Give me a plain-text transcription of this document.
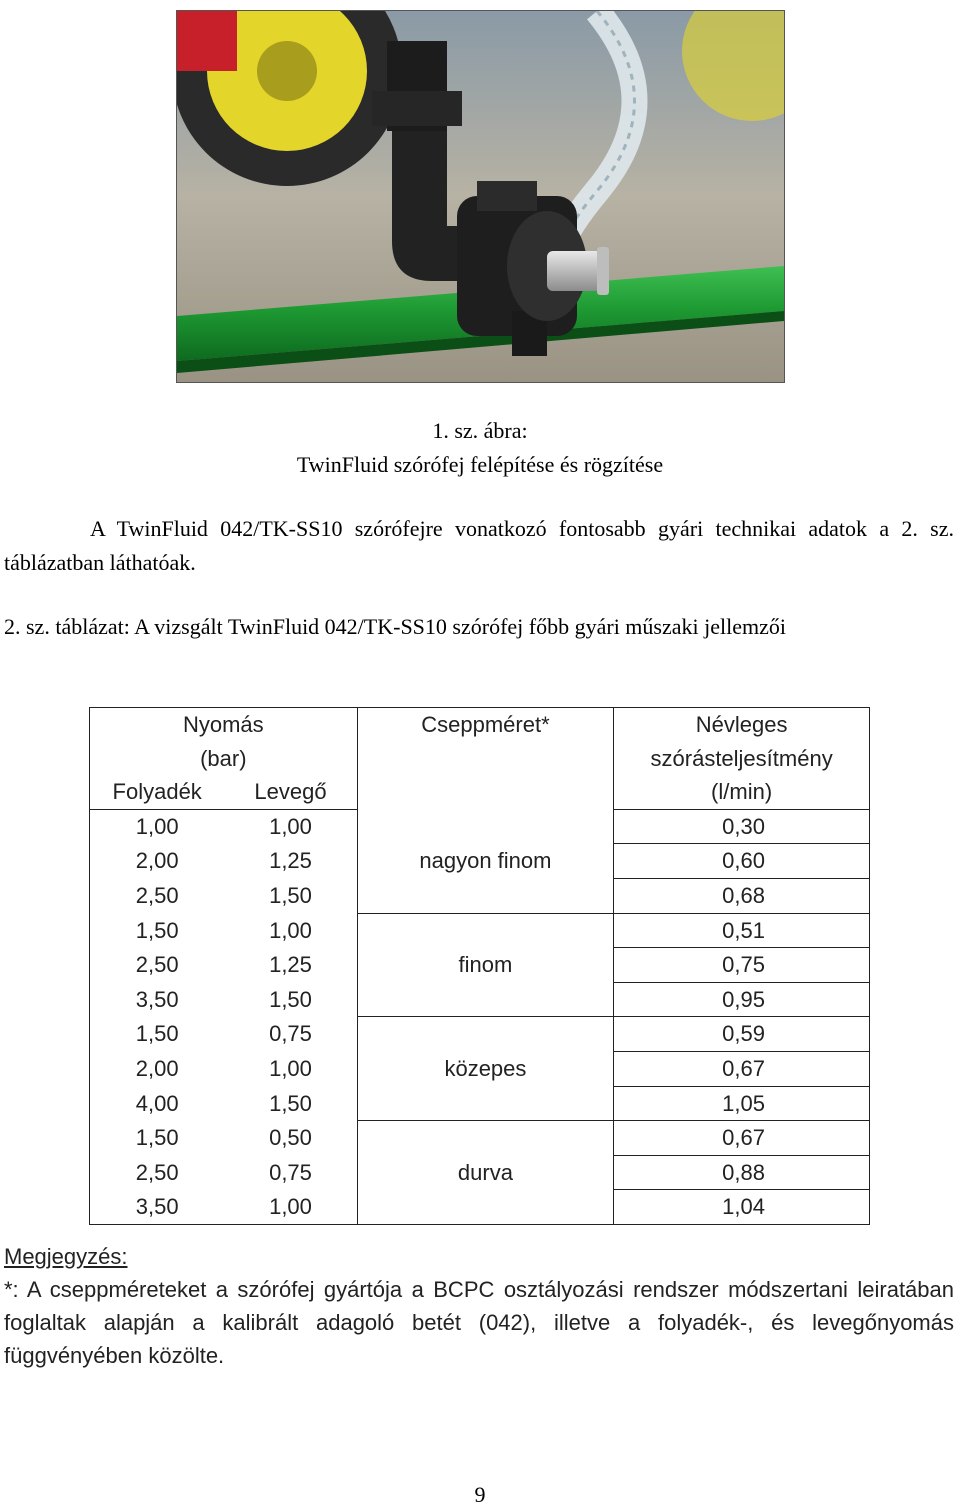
1. sz. ábra:
TwinFluid szórófej felépítése és rögzítése
A TwinFluid 042/TK-SS10 szórófejre vonatkozó fontosabb gyári technikai adatok a 2. sz. táblázatban láthatóak.
2. sz. táblázat: A vizsgált TwinFluid 042/TK-SS10 szórófej főbb gyári műszaki jellemzői
Nyomás		Cseppméret*	Névleges
(bar)			szórásteljesítmény
Folyadék	Levegő		(l/min)
1,00	1,00	nagyon finom	0,30
2,00	1,25		0,60
2,50	1,50		0,68
1,50	1,00	finom	0,51
2,50	1,25		0,75
3,50	1,50		0,95
1,50	0,75	közepes	0,59
2,00	1,00		0,67
4,00	1,50		1,05
1,50	0,50	durva	0,67
2,50	0,75		0,88
3,50	1,00		1,04
Megjegyzés:
*: A cseppméreteket a szórófej gyártója a BCPC osztályozási rendszer módszertani leiratában foglaltak alapján a kalibrált adagoló betét (042), illetve a folyadék-, és levegőnyomás függvényében közölte.
9
